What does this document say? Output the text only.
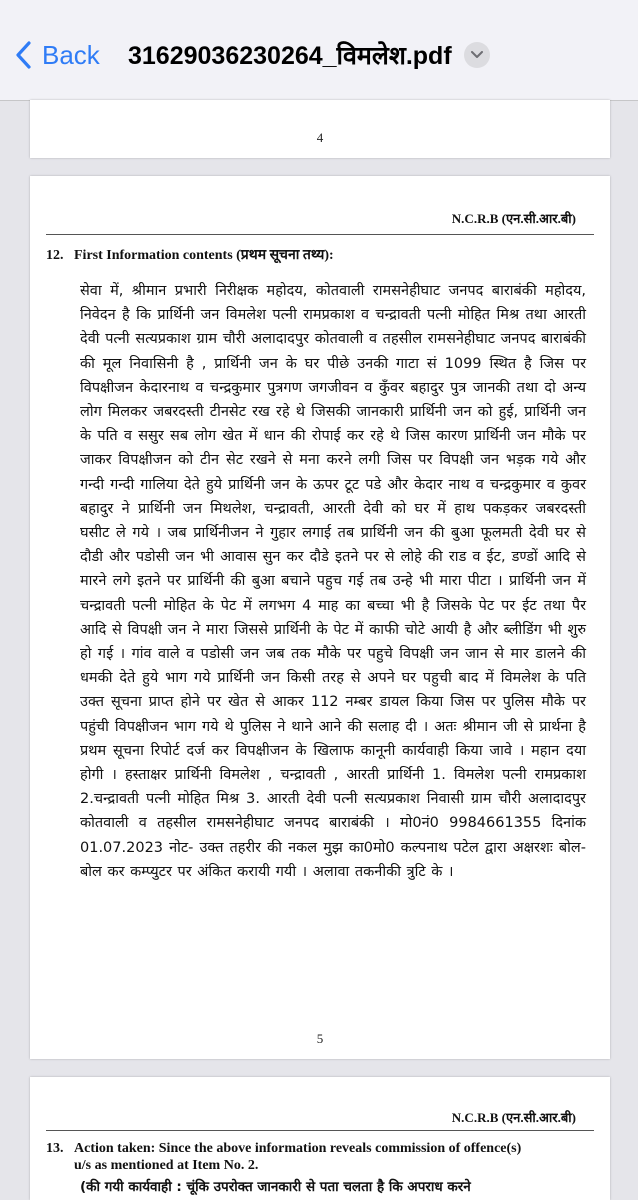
Back 31629036230264_विमलेश.pdf
4
N.C.R.B (एन.सी.आर.बी)
12. First Information contents (प्रथम सूचना तथ्य):
सेवा में, श्रीमान प्रभारी निरीक्षक महोदय, कोतवाली रामसनेहीघाट जनपद बाराबंकी महोदय, निवेदन है कि प्रार्थिनी जन विमलेश पत्नी रामप्रकाश व चन्द्रावती पत्नी मोहित मिश्र तथा आरती देवी पत्नी सत्यप्रकाश ग्राम चौरी अलादादपुर कोतवाली व तहसील रामसनेहीघाट जनपद बाराबंकी की मूल निवासिनी है , प्रार्थिनी जन के घर पीछे उनकी गाटा सं 1099 स्थित है जिस पर विपक्षीजन केदारनाथ व चन्द्रकुमार पुत्रगण जगजीवन व कुँवर बहादुर पुत्र जानकी तथा दो अन्य लोग मिलकर जबरदस्ती टीनसेट रख रहे थे जिसकी जानकारी प्रार्थिनी जन को हुई, प्रार्थिनी जन के पति व ससुर सब लोग खेत में धान की रोपाई कर रहे थे जिस कारण प्रार्थिनी जन मौके पर जाकर विपक्षीजन को टीन सेट रखने से मना करने लगी जिस पर विपक्षी जन भड़क गये और गन्दी गन्दी गालिया देते हुये प्रार्थिनी जन के ऊपर टूट पडे और केदार नाथ व चन्द्रकुमार व कुवर बहादुर ने प्रार्थिनी जन मिथलेश, चन्द्रावती, आरती देवी को घर में हाथ पकड़कर जबरदस्ती घसीट ले गये । जब प्रार्थिनीजन ने गुहार लगाई तब प्रार्थिनी जन की बुआ फूलमती देवी घर से दौडी और पडोसी जन भी आवास सुन कर दौडे इतने पर से लोहे की राड व ईट, डण्डों आदि से मारने लगे इतने पर प्रार्थिनी की बुआ बचाने पहुच गई तब उन्हे भी मारा पीटा । प्रार्थिनी जन में चन्द्रावती पत्नी मोहित के पेट में लगभग 4 माह का बच्चा भी है जिसके पेट पर ईट तथा पैर आदि से विपक्षी जन ने मारा जिससे प्रार्थिनी के पेट में काफी चोटे आयी है और ब्लीडिंग भी शुरु हो गई । गांव वाले व पडोसी जन जब तक मौके पर पहुचे विपक्षी जन जान से मार डालने की धमकी देते हुये भाग गये प्रार्थिनी जन किसी तरह से अपने घर पहुची बाद में विमलेश के पति उक्त सूचना प्राप्त होने पर खेत से आकर 112 नम्बर डायल किया जिस पर पुलिस मौके पर पहुंची विपक्षीजन भाग गये थे पुलिस ने थाने आने की सलाह दी । अतः श्रीमान जी से प्रार्थना है प्रथम सूचना रिपोर्ट दर्ज कर विपक्षीजन के खिलाफ कानूनी कार्यवाही किया जावे । महान दया होगी । हस्ताक्षर प्रार्थिनी विमलेश , चन्द्रावती , आरती प्रार्थिनी 1. विमलेश पत्नी रामप्रकाश 2.चन्द्रावती पत्नी मोहित मिश्र 3. आरती देवी पत्नी सत्यप्रकाश निवासी ग्राम चौरी अलादादपुर कोतवाली व तहसील रामसनेहीघाट जनपद बाराबंकी । मो0नं0 9984661355 दिनांक 01.07.2023 नोट- उक्त तहरीर की नकल मुझ का0मो0 कल्पनाथ पटेल द्वारा अक्षरशः बोल- बोल कर कम्प्युटर पर अंकित करायी गयी । अलावा तकनीकी त्रुटि के ।
5
N.C.R.B (एन.सी.आर.बी)
13. Action taken: Since the above information reveals commission of offence(s)
u/s as mentioned at Item No. 2.
(की गयी कार्यवाही : चूंकि उपरोक्त जानकारी से पता चलता है कि अपराध करने
